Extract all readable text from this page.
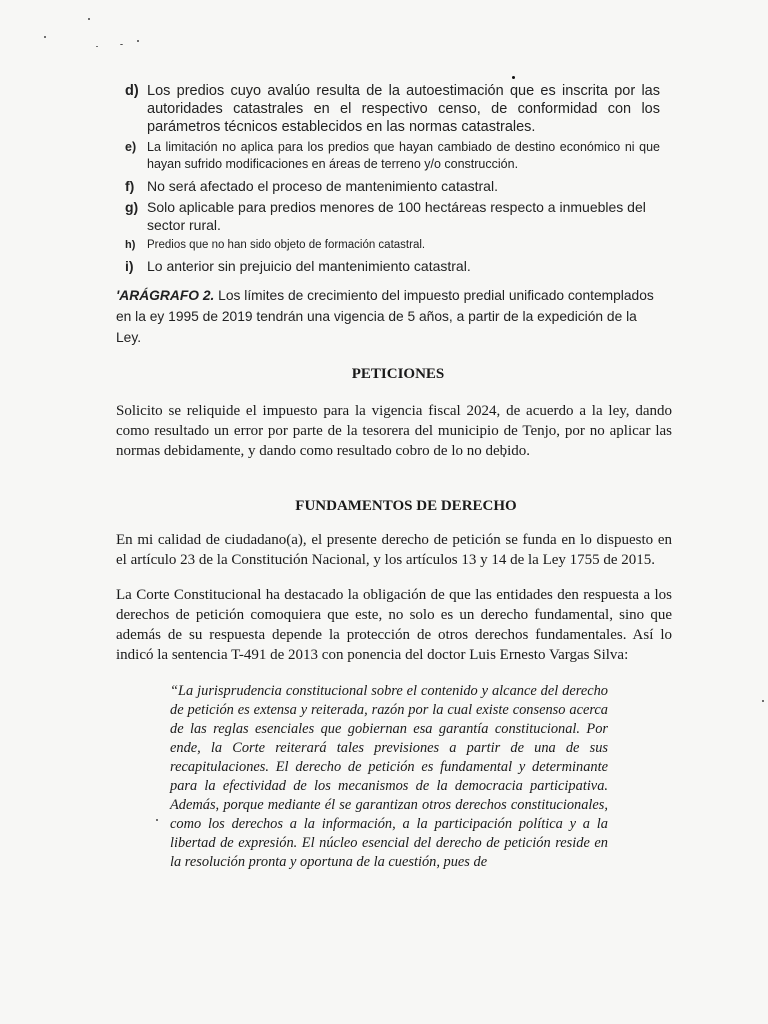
d) Los predios cuyo avalúo resulta de la autoestimación que es inscrita por las autoridades catastrales en el respectivo censo, de conformidad con los parámetros técnicos establecidos en las normas catastrales.
e) La limitación no aplica para los predios que hayan cambiado de destino económico ni que hayan sufrido modificaciones en áreas de terreno y/o construcción.
f) No será afectado el proceso de mantenimiento catastral.
g) Solo aplicable para predios menores de 100 hectáreas respecto a inmuebles del sector rural.
h)	Predios que no han sido objeto de formación catastral.
i) Lo anterior sin prejuicio del mantenimiento catastral.
'ARÁGRAFO 2. Los límites de crecimiento del impuesto predial unificado contemplados en la ey 1995 de 2019 tendrán una vigencia de 5 años, a partir de la expedición de la Ley.
PETICIONES
Solicito se reliquide el impuesto para la vigencia fiscal 2024, de acuerdo a la ley, dando como resultado un error por parte de la tesorera del municipio de Tenjo, por no aplicar las normas debidamente, y dando como resultado cobro de lo no debido.
FUNDAMENTOS DE DERECHO
En mi calidad de ciudadano(a), el presente derecho de petición se funda en lo dispuesto en el artículo 23 de la Constitución Nacional, y los artículos 13 y 14 de la Ley 1755 de 2015.
La Corte Constitucional ha destacado la obligación de que las entidades den respuesta a los derechos de petición comoquiera que este, no solo es un derecho fundamental, sino que además de su respuesta depende la protección de otros derechos fundamentales. Así lo indicó la sentencia T-491 de 2013 con ponencia del doctor Luis Ernesto Vargas Silva:
“La jurisprudencia constitucional sobre el contenido y alcance del derecho de petición es extensa y reiterada, razón por la cual existe consenso acerca de las reglas esenciales que gobiernan esa garantía constitucional. Por ende, la Corte reiterará tales previsiones a partir de una de sus recapitulaciones. El derecho de petición es fundamental y determinante para la efectividad de los mecanismos de la democracia participativa. Además, porque mediante él se garantizan otros derechos constitucionales, como los derechos a la información, a la participación política y a la libertad de expresión. El núcleo esencial del derecho de petición reside en la resolución pronta y oportuna de la cuestión, pues de
